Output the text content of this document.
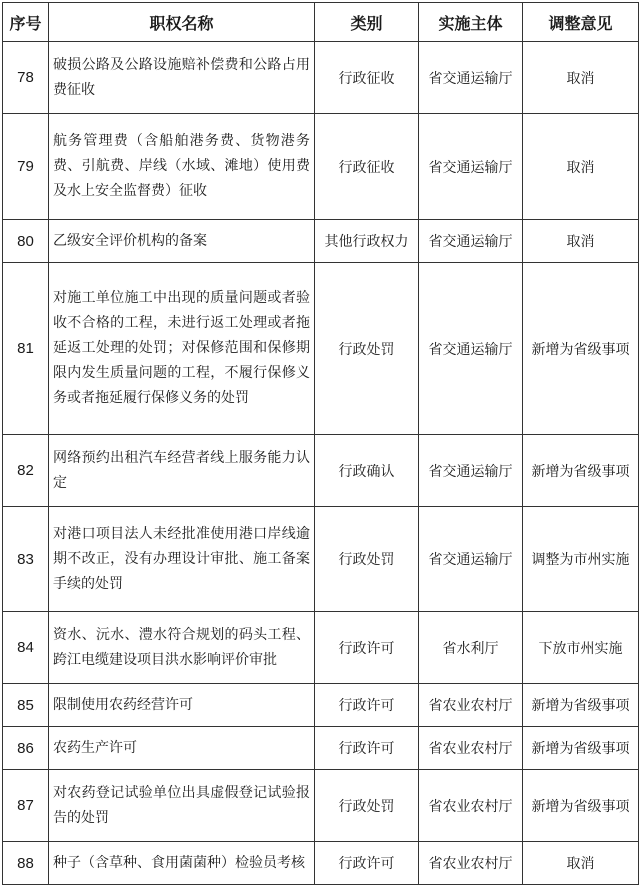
序号	职权名称	类别	实施主体	调整意见
78	破损公路及公路设施赔补偿费和公路占用费征收	行政征收	省交通运输厅	取消
79	航务管理费（含船舶港务费、货物港务费、引航费、岸线（水域、滩地）使用费及水上安全监督费）征收	行政征收	省交通运输厅	取消
80	乙级安全评价机构的备案	其他行政权力	省交通运输厅	取消
81	对施工单位施工中出现的质量问题或者验收不合格的工程，未进行返工处理或者拖延返工处理的处罚；对保修范围和保修期限内发生质量问题的工程，不履行保修义务或者拖延履行保修义务的处罚	行政处罚	省交通运输厅	新增为省级事项
82	网络预约出租汽车经营者线上服务能力认定	行政确认	省交通运输厅	新增为省级事项
83	对港口项目法人未经批准使用港口岸线逾期不改正，没有办理设计审批、施工备案手续的处罚	行政处罚	省交通运输厅	调整为市州实施
84	资水、沅水、澧水符合规划的码头工程、跨江电缆建设项目洪水影响评价审批	行政许可	省水利厅	下放市州实施
85	限制使用农药经营许可	行政许可	省农业农村厅	新增为省级事项
86	农药生产许可	行政许可	省农业农村厅	新增为省级事项
87	对农药登记试验单位出具虚假登记试验报告的处罚	行政处罚	省农业农村厅	新增为省级事项
88	种子（含草种、食用菌菌种）检验员考核	行政许可	省农业农村厅	取消
